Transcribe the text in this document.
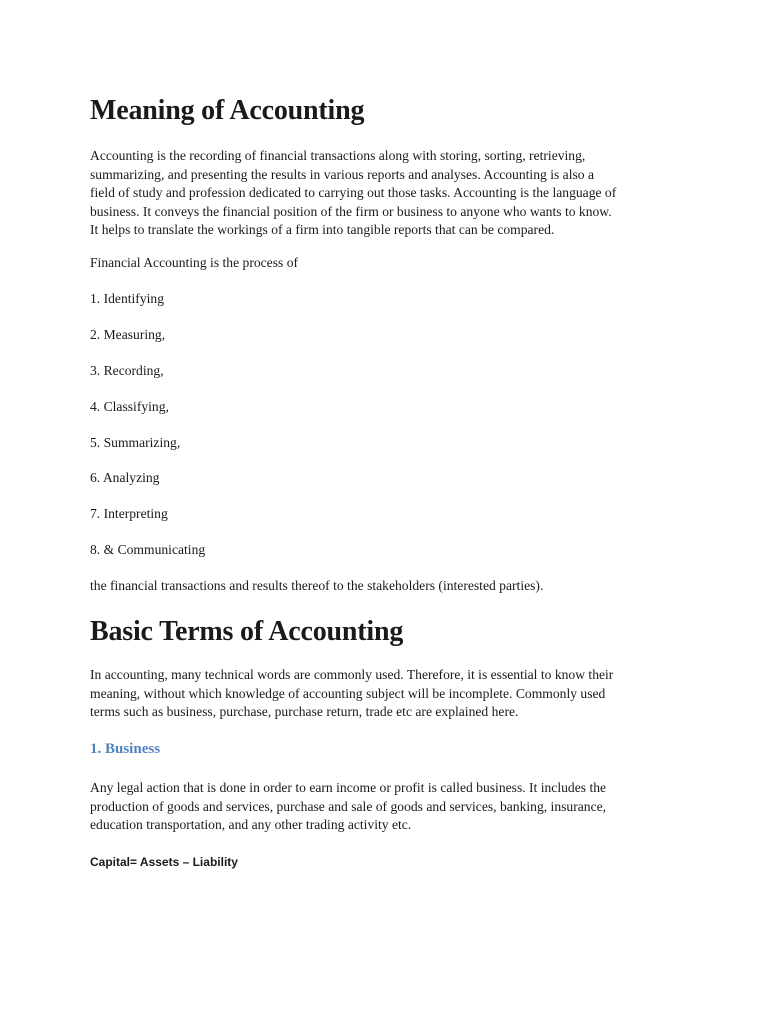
Meaning of Accounting

Accounting is the recording of financial transactions along with storing, sorting, retrieving,
summarizing, and presenting the results in various reports and analyses. Accounting is also a
field of study and profession dedicated to carrying out those tasks. Accounting is the language of
business. It conveys the financial position of the firm or business to anyone who wants to know.
It helps to translate the workings of a firm into tangible reports that can be compared.

Financial Accounting is the process of

1. Identifying

2. Measuring,

3. Recording,

4. Classifying,

5. Summarizing,

6. Analyzing

7. Interpreting

8. & Communicating

the financial transactions and results thereof to the stakeholders (interested parties).

Basic Terms of Accounting

In accounting, many technical words are commonly used. Therefore, it is essential to know their
meaning, without which knowledge of accounting subject will be incomplete. Commonly used
terms such as business, purchase, purchase return, trade etc are explained here.

1. Business

Any legal action that is done in order to earn income or profit is called business. It includes the
production of goods and services, purchase and sale of goods and services, banking, insurance,
education transportation, and any other trading activity etc.

Capital= Assets – Liability
